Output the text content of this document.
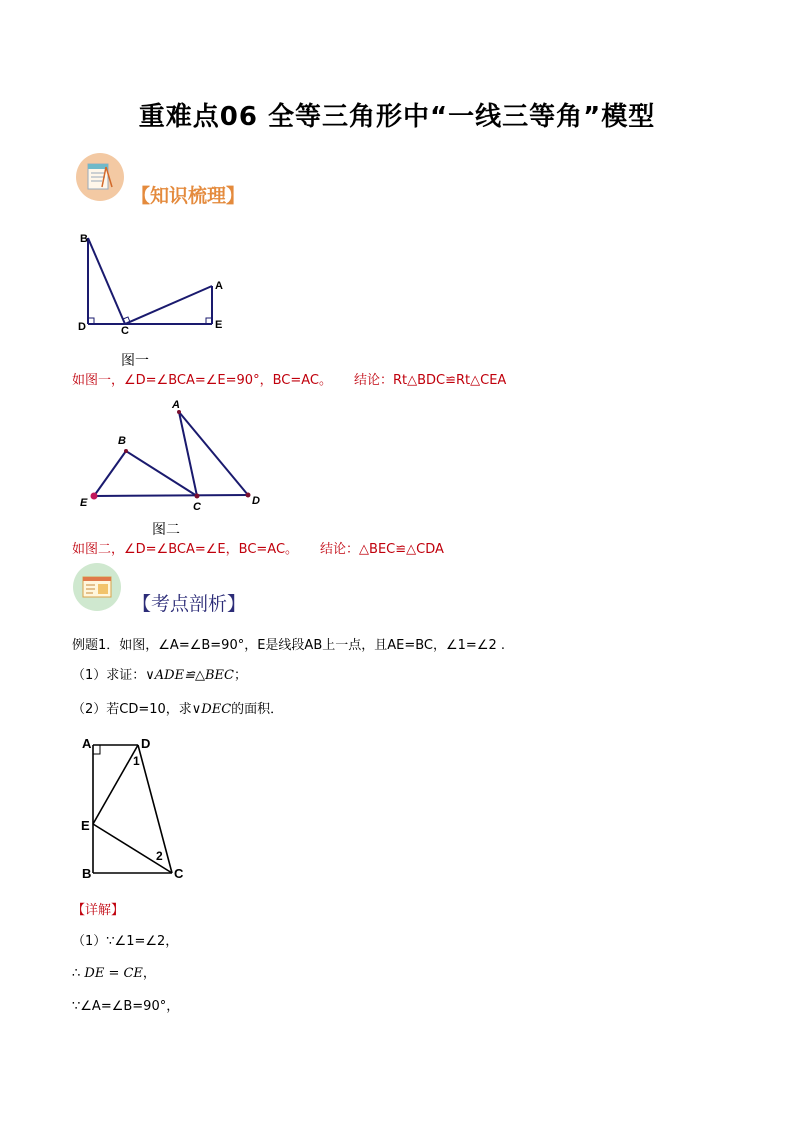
重难点06 全等三角形中“一线三等角”模型
【知识梳理】
B
A
D	C	E
图一
如图一，∠D=∠BCA=∠E=90°，BC=AC。 结论：Rt△BDC≌Rt△CEA
A
B
E	C	D
图二
如图二，∠D=∠BCA=∠E，BC=AC。 结论：△BEC≌△CDA
【考点剖析】
例题1．如图，∠A=∠B=90°，E是线段AB上一点，且AE=BC，∠1=∠2 .
（1）求证：∨ADE≌△BEC；
（2）若CD=10，求∨DEC的面积．
A	D
E
B	C
1
2
【详解】
（1）∵∠1=∠2，
∴ DE = CE，
∵∠A=∠B=90°，
